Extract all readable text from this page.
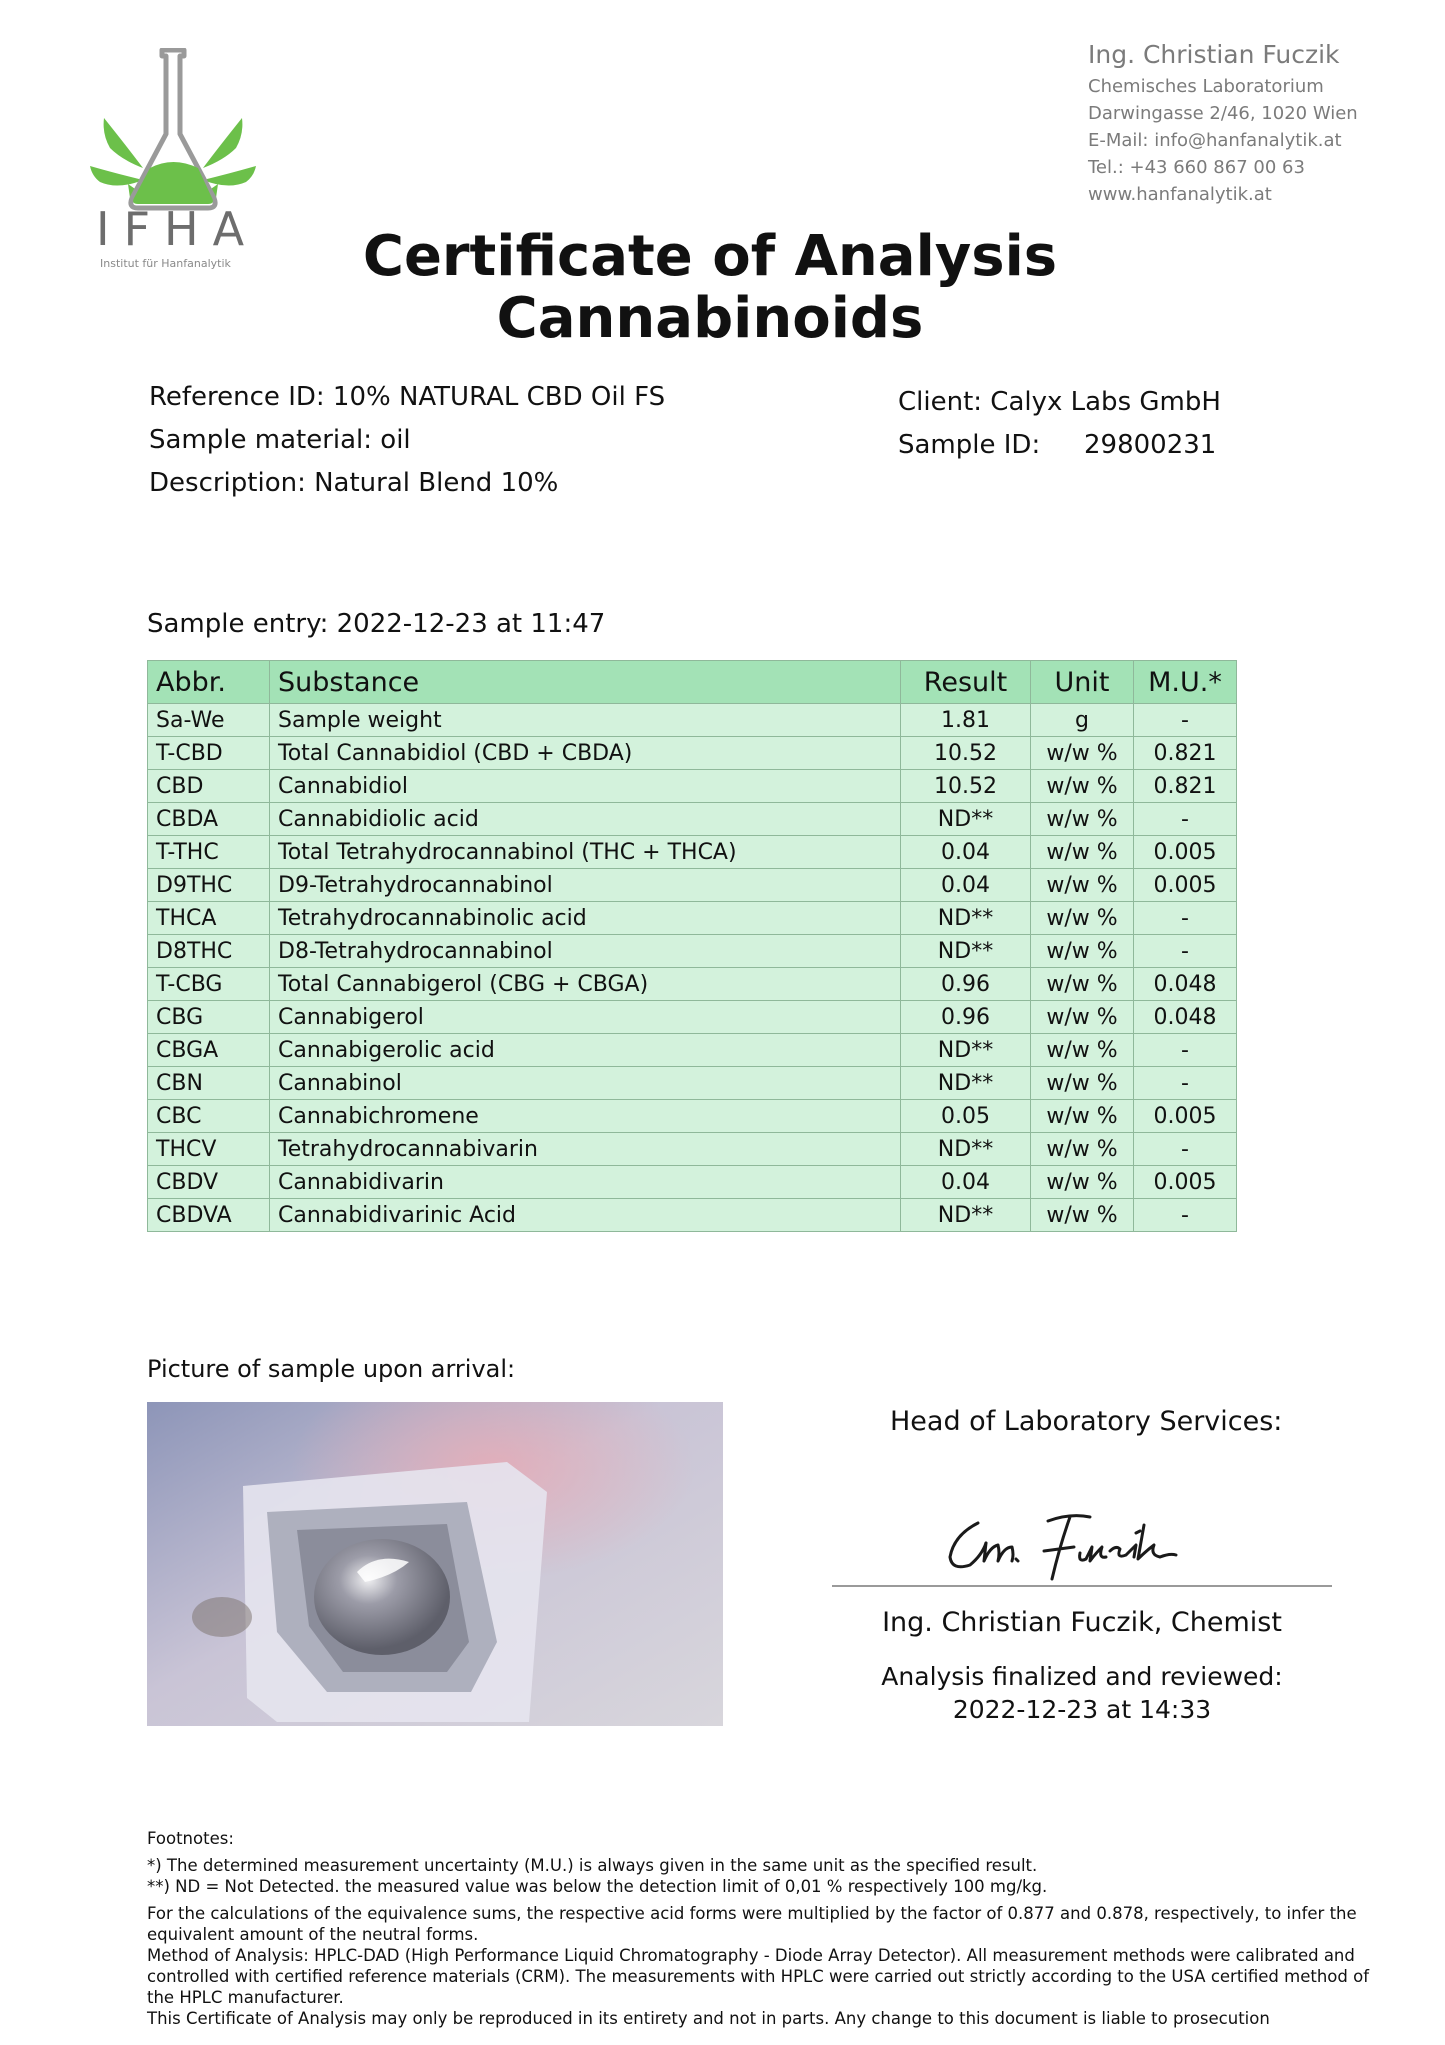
IFHA
Institut für Hanfanalytik
Ing. Christian Fuczik
Chemisches Laboratorium
Darwingasse 2/46, 1020 Wien
E-Mail: info@hanfanalytik.at
Tel.: +43 660 867 00 63
www.hanfanalytik.at
Certificate of Analysis
Cannabinoids
Reference ID: 10% NATURAL CBD Oil FS
Sample material: oil
Description: Natural Blend 10%
Client: Calyx Labs GmbH
Sample ID: 29800231
Sample entry: 2022-12-23 at 11:47
Abbr.	Substance	Result	Unit	M.U.*
Sa-We	Sample weight	1.81	g	-
T-CBD	Total Cannabidiol (CBD + CBDA)	10.52	w/w %	0.821
CBD	Cannabidiol	10.52	w/w %	0.821
CBDA	Cannabidiolic acid	ND**	w/w %	-
T-THC	Total Tetrahydrocannabinol (THC + THCA)	0.04	w/w %	0.005
D9THC	D9-Tetrahydrocannabinol	0.04	w/w %	0.005
THCA	Tetrahydrocannabinolic acid	ND**	w/w %	-
D8THC	D8-Tetrahydrocannabinol	ND**	w/w %	-
T-CBG	Total Cannabigerol (CBG + CBGA)	0.96	w/w %	0.048
CBG	Cannabigerol	0.96	w/w %	0.048
CBGA	Cannabigerolic acid	ND**	w/w %	-
CBN	Cannabinol	ND**	w/w %	-
CBC	Cannabichromene	0.05	w/w %	0.005
THCV	Tetrahydrocannabivarin	ND**	w/w %	-
CBDV	Cannabidivarin	0.04	w/w %	0.005
CBDVA	Cannabidivarinic Acid	ND**	w/w %	-
Picture of sample upon arrival:
Head of Laboratory Services:
Ing. Christian Fuczik, Chemist
Analysis finalized and reviewed:
2022-12-23 at 14:33
Footnotes:
*) The determined measurement uncertainty (M.U.) is always given in the same unit as the specified result.
**) ND = Not Detected. the measured value was below the detection limit of 0,01 % respectively 100 mg/kg.
For the calculations of the equivalence sums, the respective acid forms were multiplied by the factor of 0.877 and 0.878, respectively, to infer the equivalent amount of the neutral forms.
Method of Analysis: HPLC-DAD (High Performance Liquid Chromatography - Diode Array Detector). All measurement methods were calibrated and controlled with certified reference materials (CRM). The measurements with HPLC were carried out strictly according to the USA certified method of the HPLC manufacturer.
This Certificate of Analysis may only be reproduced in its entirety and not in parts. Any change to this document is liable to prosecution
